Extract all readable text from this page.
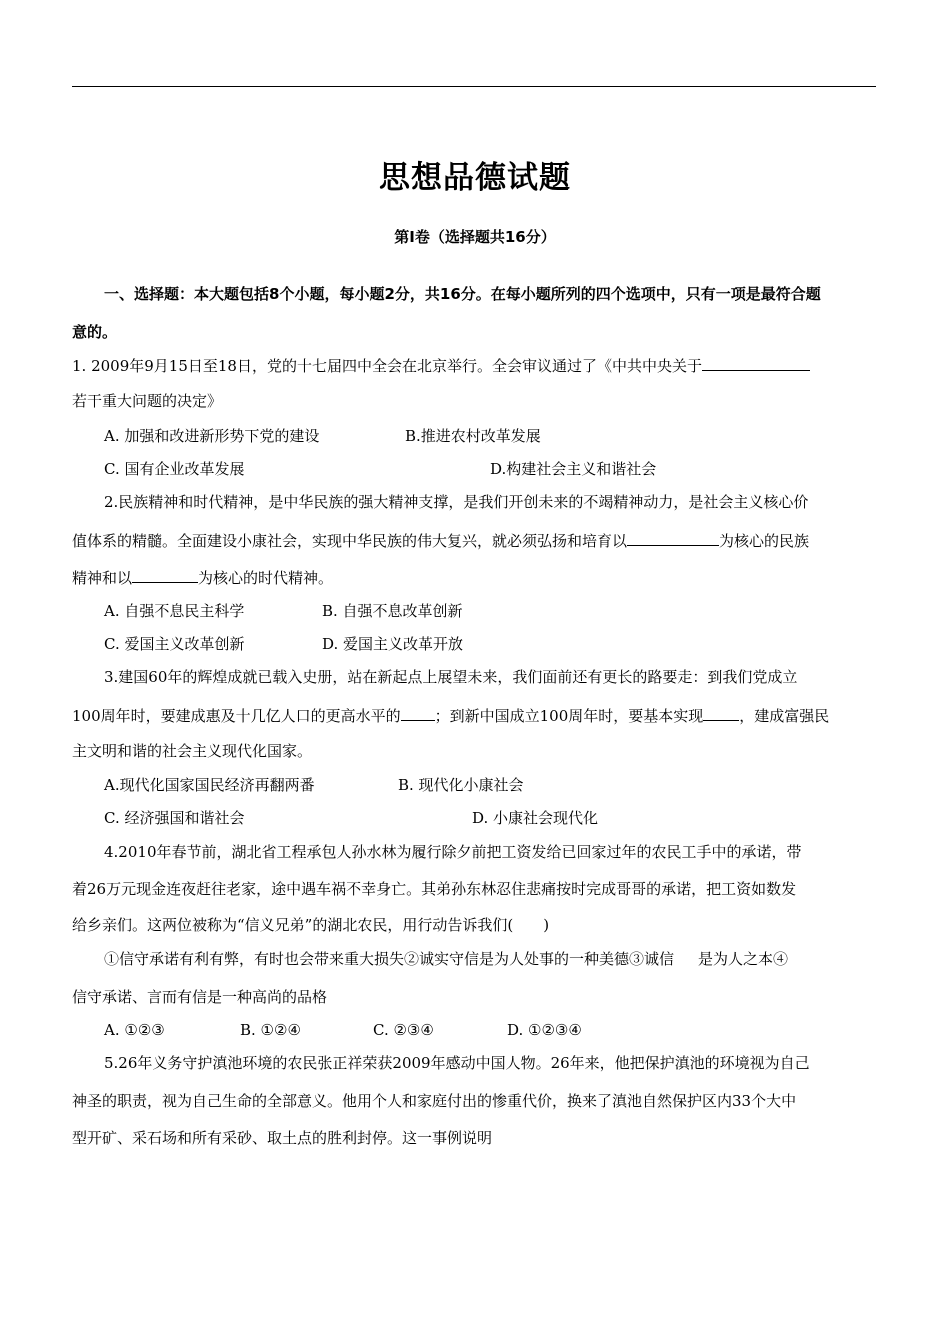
思想品德试题
第Ⅰ卷（选择题共16分）
一、选择题：本大题包括8个小题，每小题2分，共16分。在每小题所列的四个选项中，只有一项是最符合题
意的。
1. 2009年9月15日至18日，党的十七届四中全会在北京举行。全会审议通过了《中共中央关于
若干重大问题的决定》
A. 加强和改进新形势下党的建设	B.推进农村改革发展
C. 国有企业改革发展	D.构建社会主义和谐社会
2.民族精神和时代精神，是中华民族的强大精神支撑，是我们开创未来的不竭精神动力，是社会主义核心价
值体系的精髓。全面建设小康社会，实现中华民族的伟大复兴，就必须弘扬和培育以	为核心的民族
精神和以	为核心的时代精神。
A. 自强不息民主科学	B. 自强不息改革创新
C. 爱国主义改革创新	D. 爱国主义改革开放
3.建国60年的辉煌成就已载入史册，站在新起点上展望未来，我们面前还有更长的路要走：到我们党成立
100周年时，要建成惠及十几亿人口的更高水平的 ；到新中国成立100周年时，要基本实现 ，建成富强民
主文明和谐的社会主义现代化国家。
A.现代化国家国民经济再翻两番	B. 现代化小康社会
C. 经济强国和谐社会	D. 小康社会现代化
4.2010年春节前，湖北省工程承包人孙水林为履行除夕前把工资发给已回家过年的农民工手中的承诺，带
着26万元现金连夜赶往老家，途中遇车祸不幸身亡。其弟孙东林忍住悲痛按时完成哥哥的承诺，把工资如数发
给乡亲们。这两位被称为“信义兄弟”的湖北农民，用行动告诉我们(　　)
①信守承诺有利有弊，有时也会带来重大损失②诚实守信是为人处事的一种美德③诚信 是为人之本④
信守承诺、言而有信是一种高尚的品格
A. ①②③	B. ①②④	C. ②③④	D. ①②③④
5.26年义务守护滇池环境的农民张正祥荣获2009年感动中国人物。26年来，他把保护滇池的环境视为自己
神圣的职责，视为自己生命的全部意义。他用个人和家庭付出的惨重代价，换来了滇池自然保护区内33个大中
型开矿、采石场和所有采砂、取土点的胜利封停。这一事例说明
